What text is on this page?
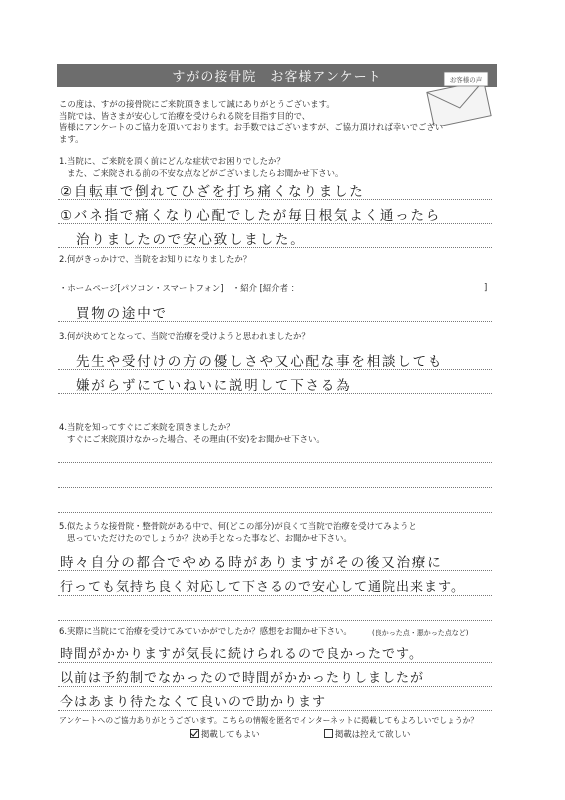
すがの接骨院　お客様アンケート	お客様の声
この度は、すがの接骨院にご来院頂きまして誠にありがとうございます。
当院では、皆さまが安心して治療を受けられる院を目指す目的で、
皆様にアンケートのご協力を頂いております。お手数ではございますが、ご協力頂ければ幸いでござい
ます。
1.当院に、ご来院を頂く前にどんな症状でお困りでしたか？
また、ご来院される前の不安な点などがございましたらお聞かせ下さい。
②自転車で倒れてひざを打ち痛くなりました
①バネ指で痛くなり心配でしたが毎日根気よく通ったら
治りましたので安心致しました。
2.何がきっかけで、当院をお知りになりましたか？
・ホームページ[パソコン・スマートフォン]　・紹介 [紹介者 ：	]
買物の途中で
3.何が決めてとなって、当院で治療を受けようと思われましたか？
先生や受付けの方の優しさや又心配な事を相談しても
嫌がらずにていねいに説明して下さる為
4.当院を知ってすぐにご来院を頂きましたか？
すぐにご来院頂けなかった場合、その理由(不安)をお聞かせ下さい。
5.似たような接骨院・整骨院がある中で、何(どこの部分)が良くて当院で治療を受けてみようと
思っていただけたのでしょうか？決め手となった事など、お聞かせ下さい。
時々自分の都合でやめる時がありますがその後又治療に
行っても気持ち良く対応して下さるので安心して通院出来ます。
6.実際に当院にて治療を受けてみていかがでしたか？感想をお聞かせ下さい。	(良かった点・悪かった点など)
時間がかかりますが気長に続けられるので良かったです。
以前は予約制でなかったので時間がかかったりしましたが
今はあまり待たなくて良いので助かります
アンケートへのご協力ありがとうございます。こちらの情報を匿名でインターネットに掲載してもよろしいでしょうか？
掲載してもよい	掲載は控えて欲しい
